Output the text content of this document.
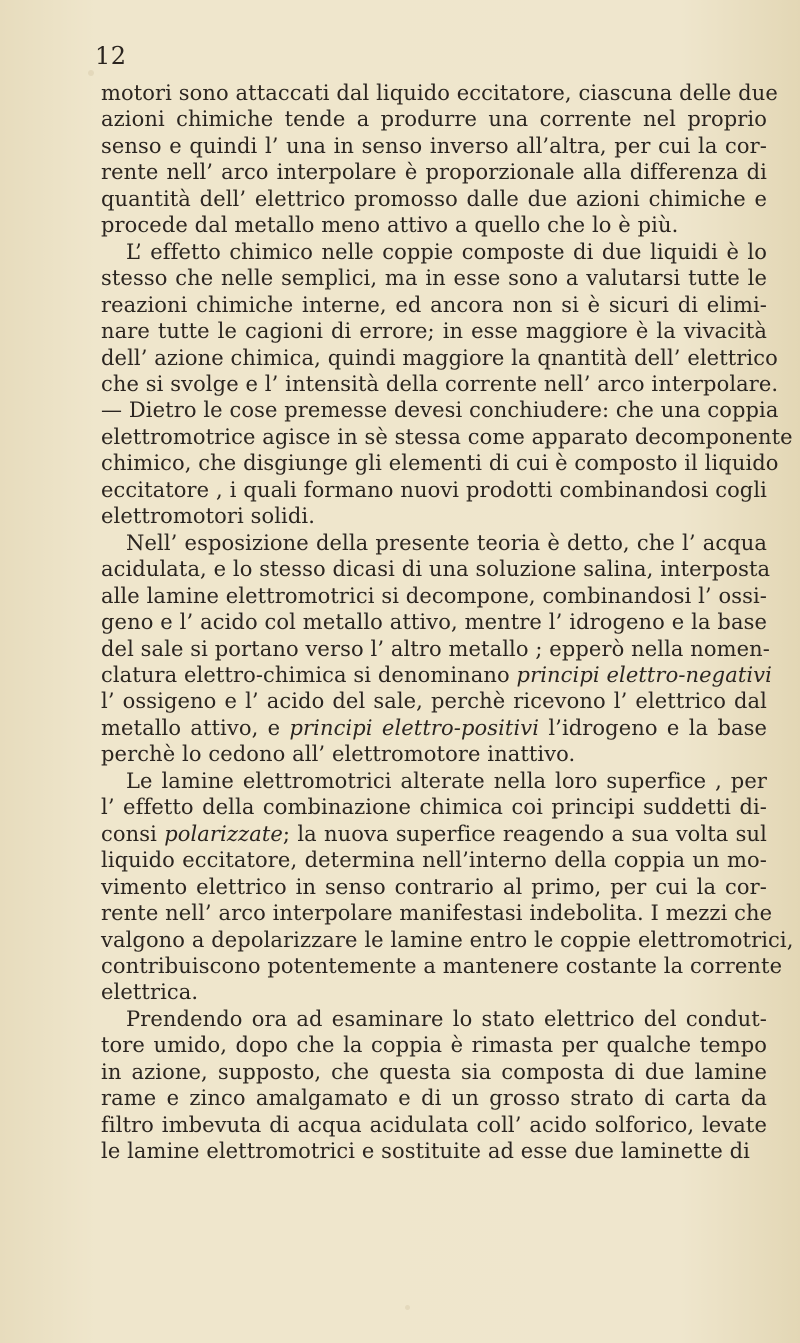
12
motori sono attaccati dal liquido eccitatore, ciascuna delle due
azioni chimiche tende a produrre una corrente nel proprio
senso e quindi l’ una in senso inverso all’altra, per cui la cor-
rente nell’ arco interpolare è proporzionale alla differenza di
quantità dell’ elettrico promosso dalle due azioni chimiche e
procede dal metallo meno attivo a quello che lo è più.
L’ effetto chimico nelle coppie composte di due liquidi è lo
stesso che nelle semplici, ma in esse sono a valutarsi tutte le
reazioni chimiche interne, ed ancora non si è sicuri di elimi-
nare tutte le cagioni di errore; in esse maggiore è la vivacità
dell’ azione chimica, quindi maggiore la qnantità dell’ elettrico
che si svolge e l’ intensità della corrente nell’ arco interpolare.
— Dietro le cose premesse devesi conchiudere: che una coppia
elettromotrice agisce in sè stessa come apparato decomponente
chimico, che disgiunge gli elementi di cui è composto il liquido
eccitatore , i quali formano nuovi prodotti combinandosi cogli
elettromotori solidi.
Nell’ esposizione della presente teoria è detto, che l’ acqua
acidulata, e lo stesso dicasi di una soluzione salina, interposta
alle lamine elettromotrici si decompone, combinandosi l’ ossi-
geno e l’ acido col metallo attivo, mentre l’ idrogeno e la base
del sale si portano verso l’ altro metallo ; epperò nella nomen-
clatura elettro-chimica si denominano principi elettro-negativi
l’ ossigeno e l’ acido del sale, perchè ricevono l’ elettrico dal
metallo attivo, e principi elettro-positivi l’idrogeno e la base
perchè lo cedono all’ elettromotore inattivo.
Le lamine elettromotrici alterate nella loro superfice , per
l’ effetto della combinazione chimica coi principi suddetti di-
consi polarizzate; la nuova superfice reagendo a sua volta sul
liquido eccitatore, determina nell’interno della coppia un mo-
vimento elettrico in senso contrario al primo, per cui la cor-
rente nell’ arco interpolare manifestasi indebolita. I mezzi che
valgono a depolarizzare le lamine entro le coppie elettromotrici,
contribuiscono potentemente a mantenere costante la corrente
elettrica.
Prendendo ora ad esaminare lo stato elettrico del condut-
tore umido, dopo che la coppia è rimasta per qualche tempo
in azione, supposto, che questa sia composta di due lamine
rame e zinco amalgamato e di un grosso strato di carta da
filtro imbevuta di acqua acidulata coll’ acido solforico, levate
le lamine elettromotrici e sostituite ad esse due laminette di
